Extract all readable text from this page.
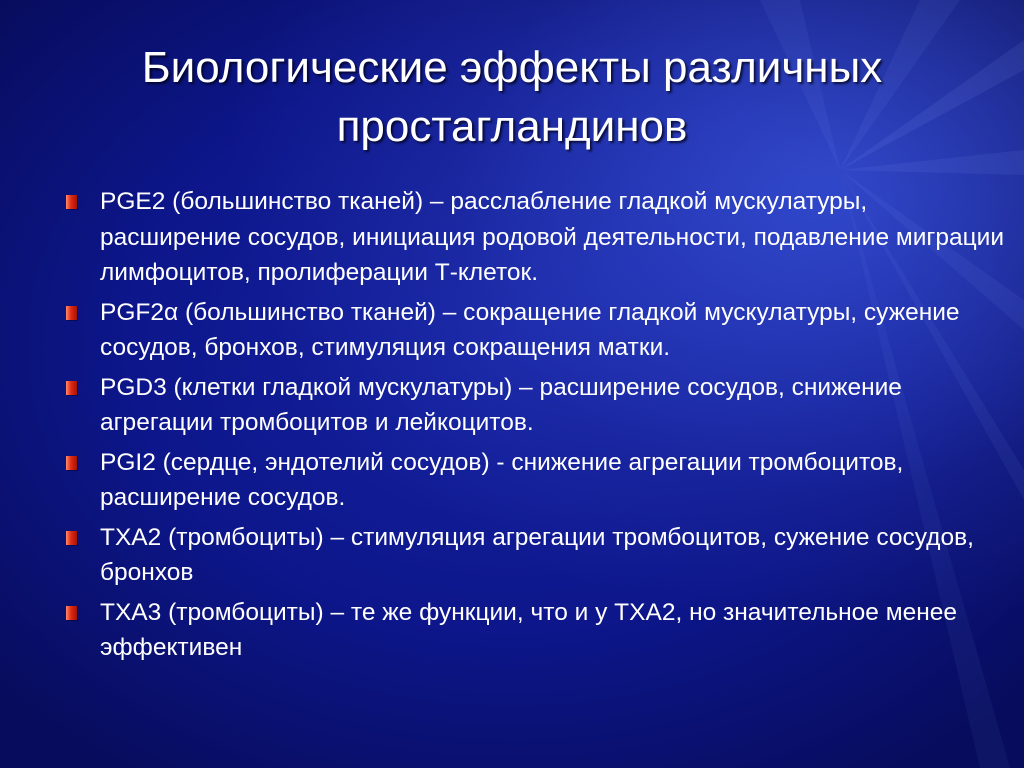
Биологические эффекты различных
простагландинов
PGE2 (большинство тканей) – расслабление гладкой мускулатуры, расширение сосудов, инициация родовой деятельности, подавление миграции лимфоцитов, пролиферации Т-клеток.
PGF2α (большинство тканей) – сокращение гладкой мускулатуры, сужение сосудов, бронхов, стимуляция сокращения матки.
PGD3 (клетки гладкой мускулатуры) – расширение сосудов, снижение агрегации тромбоцитов и лейкоцитов.
PGI2 (сердце, эндотелий сосудов) - снижение агрегации тромбоцитов, расширение сосудов.
TXA2 (тромбоциты) – стимуляция агрегации тромбоцитов, сужение сосудов, бронхов
TXA3 (тромбоциты) – те же функции, что и у TXA2, но значительное менее эффективен
